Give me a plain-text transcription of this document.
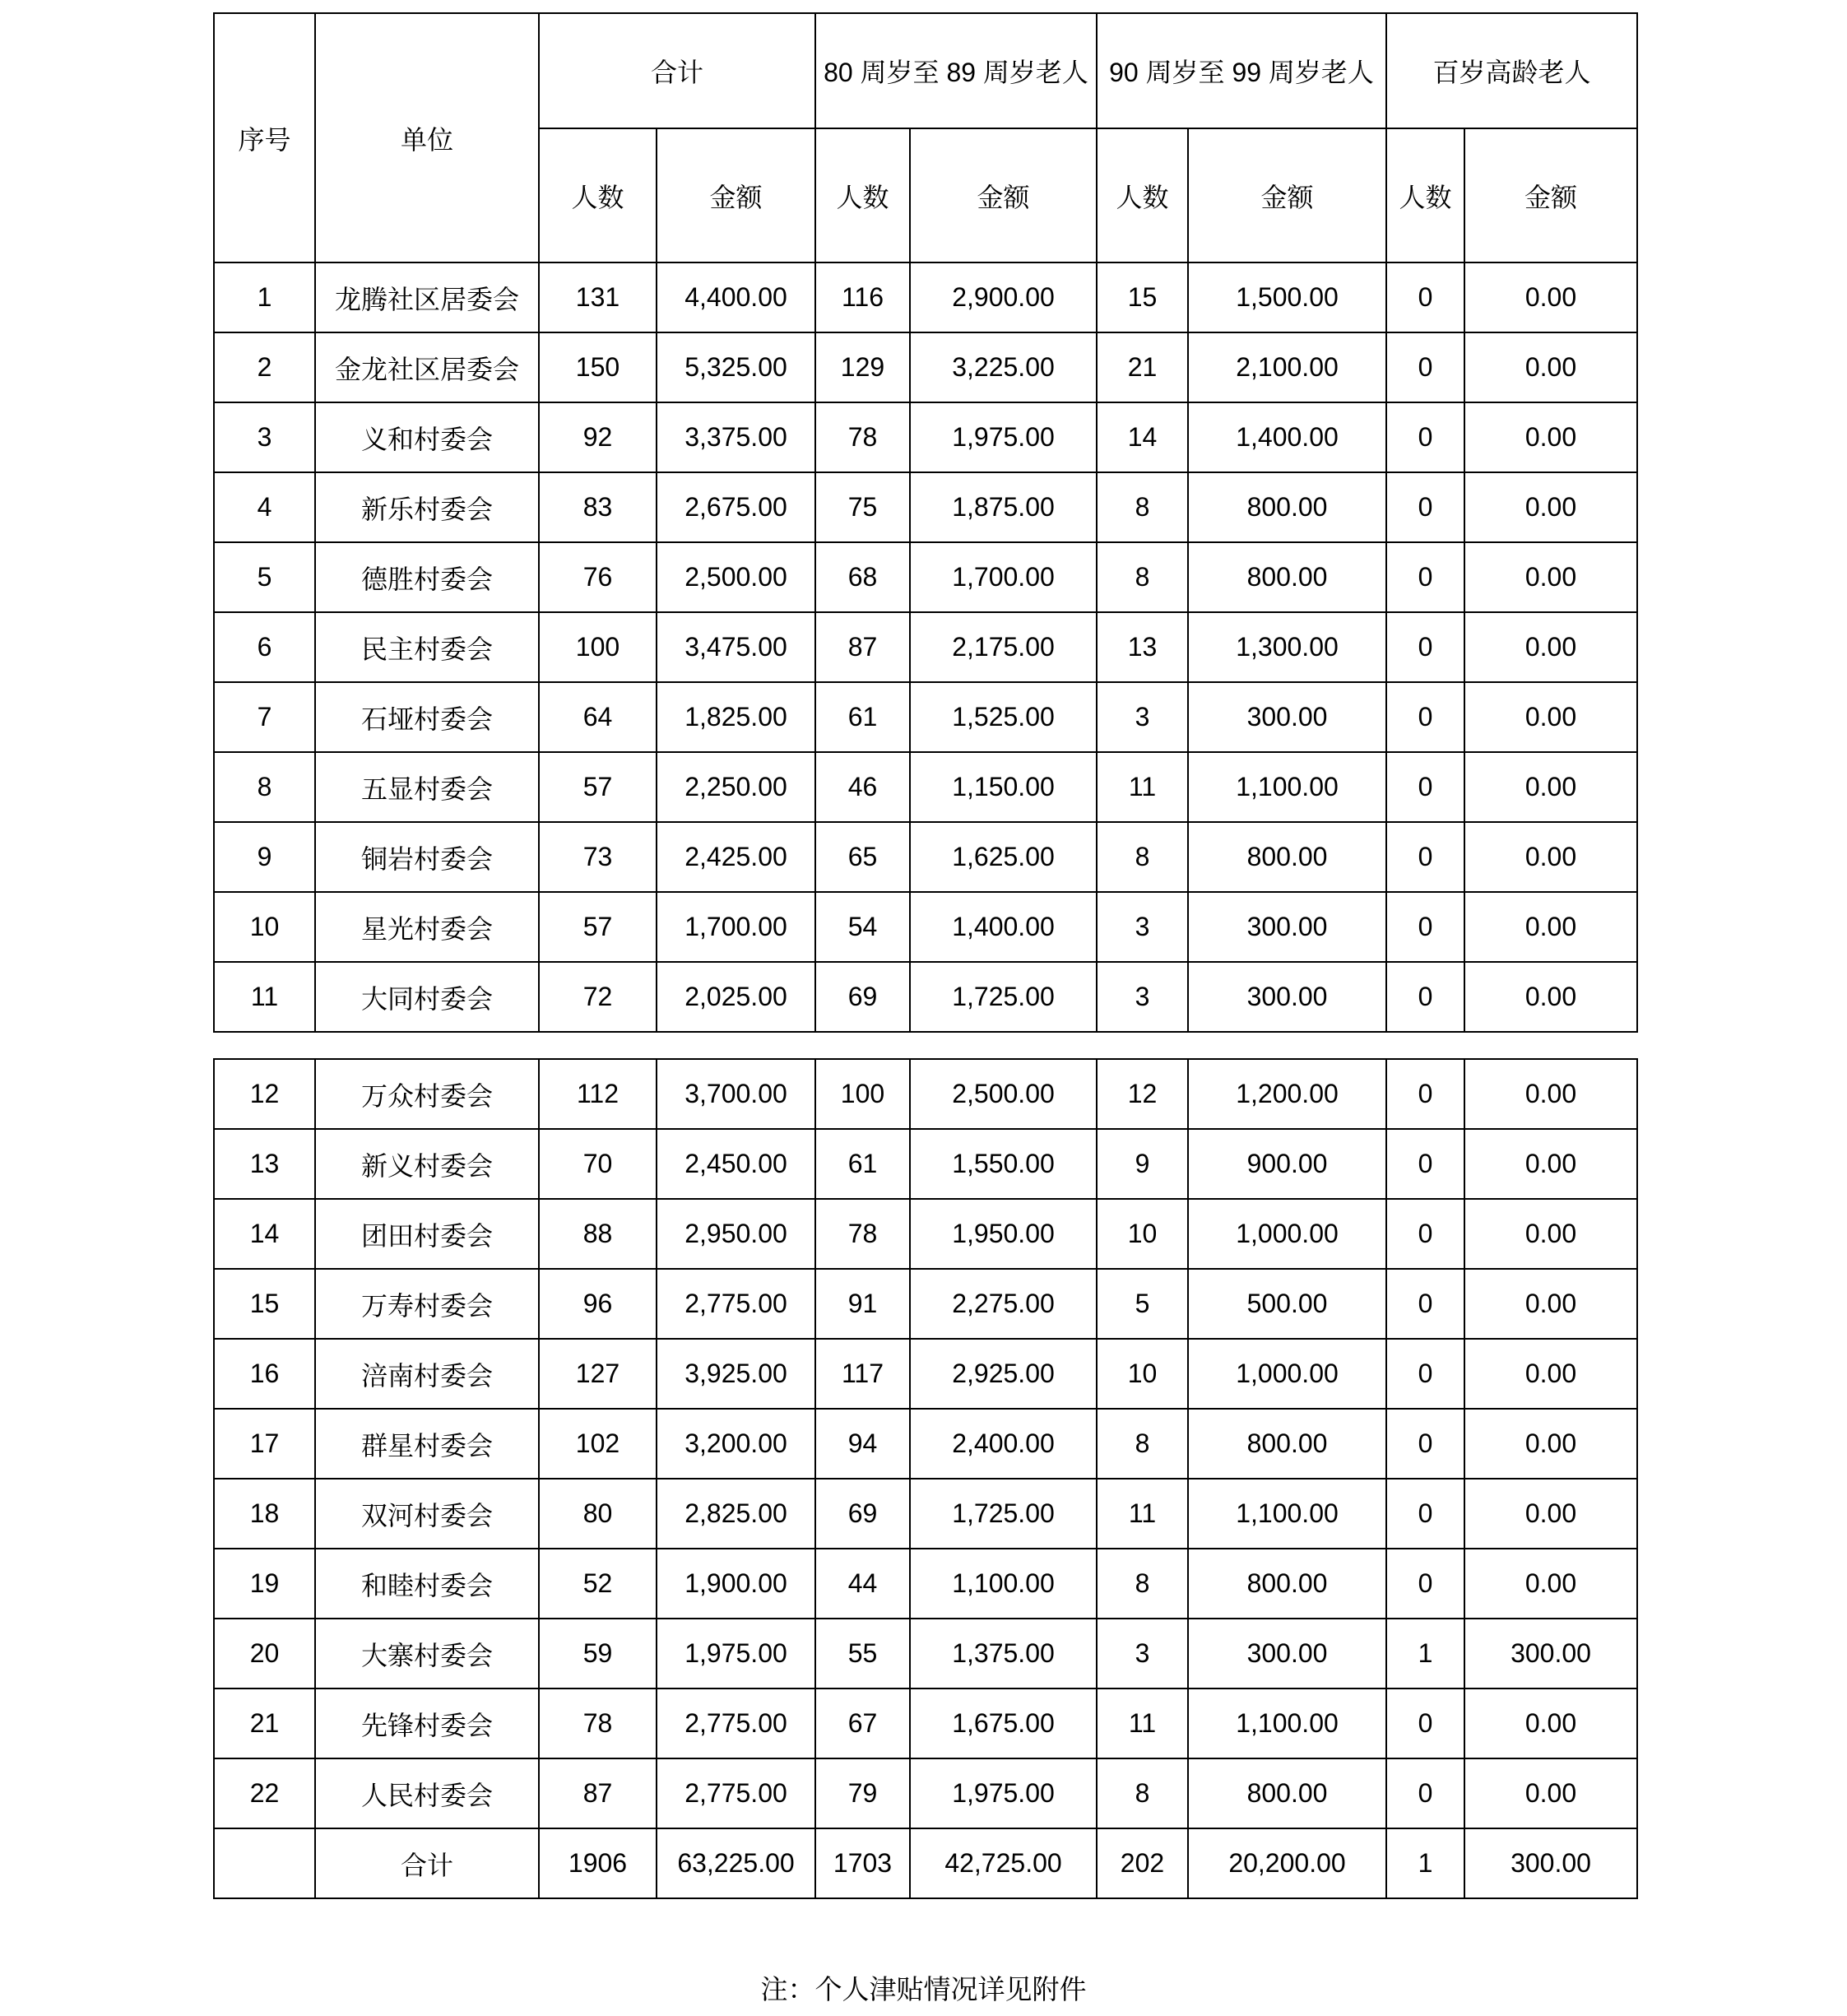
序号	单位	合计		80 周岁至 89 周岁老人		90 周岁至 99 周岁老人		百岁高龄老人	
		人数	金额	人数	金额	人数	金额	人数	金额
1	龙腾社区居委会	131	4,400.00	116	2,900.00	15	1,500.00	0	0.00
2	金龙社区居委会	150	5,325.00	129	3,225.00	21	2,100.00	0	0.00
3	义和村委会	92	3,375.00	78	1,975.00	14	1,400.00	0	0.00
4	新乐村委会	83	2,675.00	75	1,875.00	8	800.00	0	0.00
5	德胜村委会	76	2,500.00	68	1,700.00	8	800.00	0	0.00
6	民主村委会	100	3,475.00	87	2,175.00	13	1,300.00	0	0.00
7	石垭村委会	64	1,825.00	61	1,525.00	3	300.00	0	0.00
8	五显村委会	57	2,250.00	46	1,150.00	11	1,100.00	0	0.00
9	铜岩村委会	73	2,425.00	65	1,625.00	8	800.00	0	0.00
10	星光村委会	57	1,700.00	54	1,400.00	3	300.00	0	0.00
11	大同村委会	72	2,025.00	69	1,725.00	3	300.00	0	0.00
12	万众村委会	112	3,700.00	100	2,500.00	12	1,200.00	0	0.00
13	新义村委会	70	2,450.00	61	1,550.00	9	900.00	0	0.00
14	团田村委会	88	2,950.00	78	1,950.00	10	1,000.00	0	0.00
15	万寿村委会	96	2,775.00	91	2,275.00	5	500.00	0	0.00
16	涪南村委会	127	3,925.00	117	2,925.00	10	1,000.00	0	0.00
17	群星村委会	102	3,200.00	94	2,400.00	8	800.00	0	0.00
18	双河村委会	80	2,825.00	69	1,725.00	11	1,100.00	0	0.00
19	和睦村委会	52	1,900.00	44	1,100.00	8	800.00	0	0.00
20	大寨村委会	59	1,975.00	55	1,375.00	3	300.00	1	300.00
21	先锋村委会	78	2,775.00	67	1,675.00	11	1,100.00	0	0.00
22	人民村委会	87	2,775.00	79	1,975.00	8	800.00	0	0.00
	合计	1906	63,225.00	1703	42,725.00	202	20,200.00	1	300.00
注：个人津贴情况详见附件
